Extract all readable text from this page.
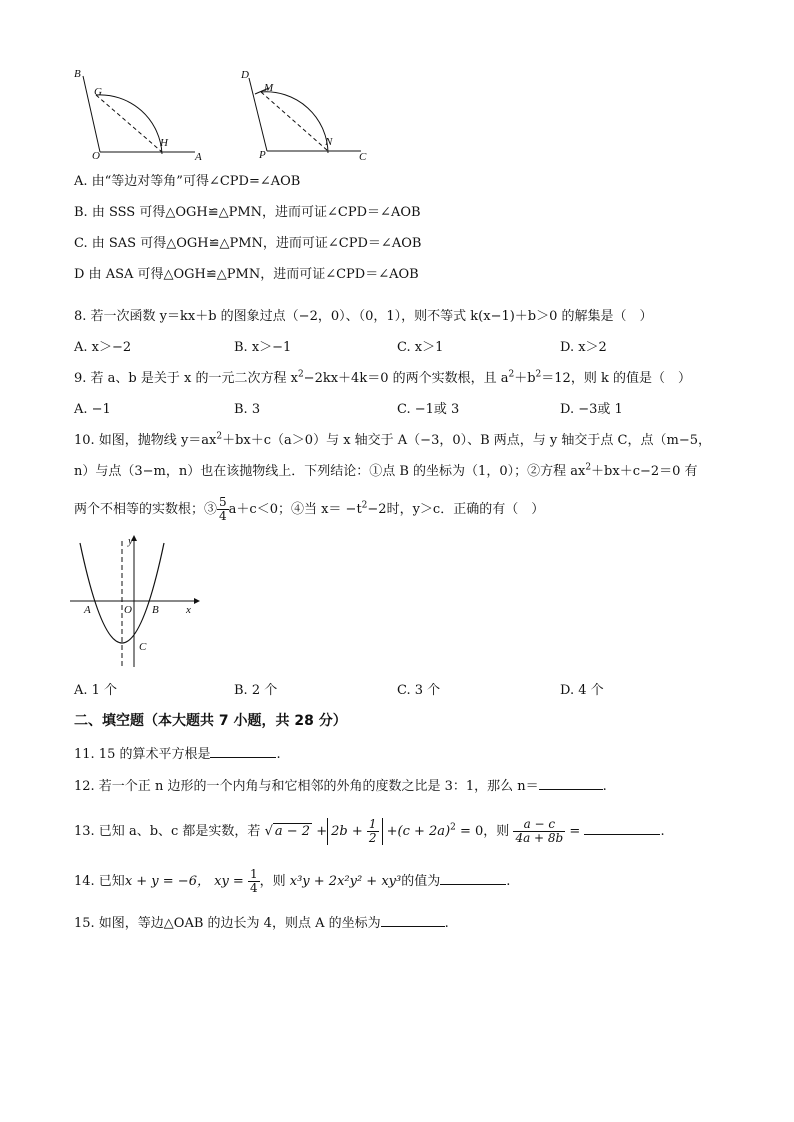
B
G
O
H
A
D
M
P
N
C
A. 由“等边对等角”可得∠CPD=∠AOB
B. 由 SSS 可得△OGH≌△PMN，进而可证∠CPD＝∠AOB
C. 由 SAS 可得△OGH≌△PMN，进而可证∠CPD＝∠AOB
D 由 ASA 可得△OGH≌△PMN，进而可证∠CPD＝∠AOB
8. 若一次函数 y＝kx＋b 的图象过点（−2，0）、（0，1），则不等式 k(x−1)＋b＞0 的解集是（　）
A. x＞−2	B. x＞−1	C. x＞1	D. x＞2
9. 若 a、b 是关于 x 的一元二次方程 $x^2-2kx+4k=0$ 的两个实数根，且 $a^2+b^2=12$，则 k 的值是（　）
A. −1	B. 3	C. −1或 3	D. −3或 1
10. 如图，抛物线 $y=ax^2+bx+c(a>0)$与 x 轴交于 A（−3，0）、B 两点，与 y 轴交于点 C，点（m−5，
n）与点（3−m，n）也在该抛物线上．下列结论：①点 B 的坐标为（1，0）；②方程 $ax^2+bx+c-2=0$ 有
两个不相等的实数根；③ $\frac{5}{4} a+c<0$；④当 $x= -t^2-2$时，y＞c．正确的有（　）
y
x
A	O B
C
A. 1 个	B. 2 个	C. 3 个	D. 4 个
二、填空题（本大题共 7 小题，共 28 分）
11. 15 的算术平方根是	.
12. 若一个正 n 边形的一个内角与和它相邻的外角的度数之比是 3：1，那么 n＝	.
13. 已知 a、b、c 都是实数，若 √ $a - 2 + 2b + \frac{1}{2} +(c + 2a)^2 = 0$，则 $\frac{a - c}{4a + 8b}$ =	.
14. 已知x + y = −6， xy = $\frac{1}{4}$ ，则 x³y + 2x²y² + xy³的值为	.
15. 如图，等边△OAB 的边长为 4，则点 A 的坐标为	.
